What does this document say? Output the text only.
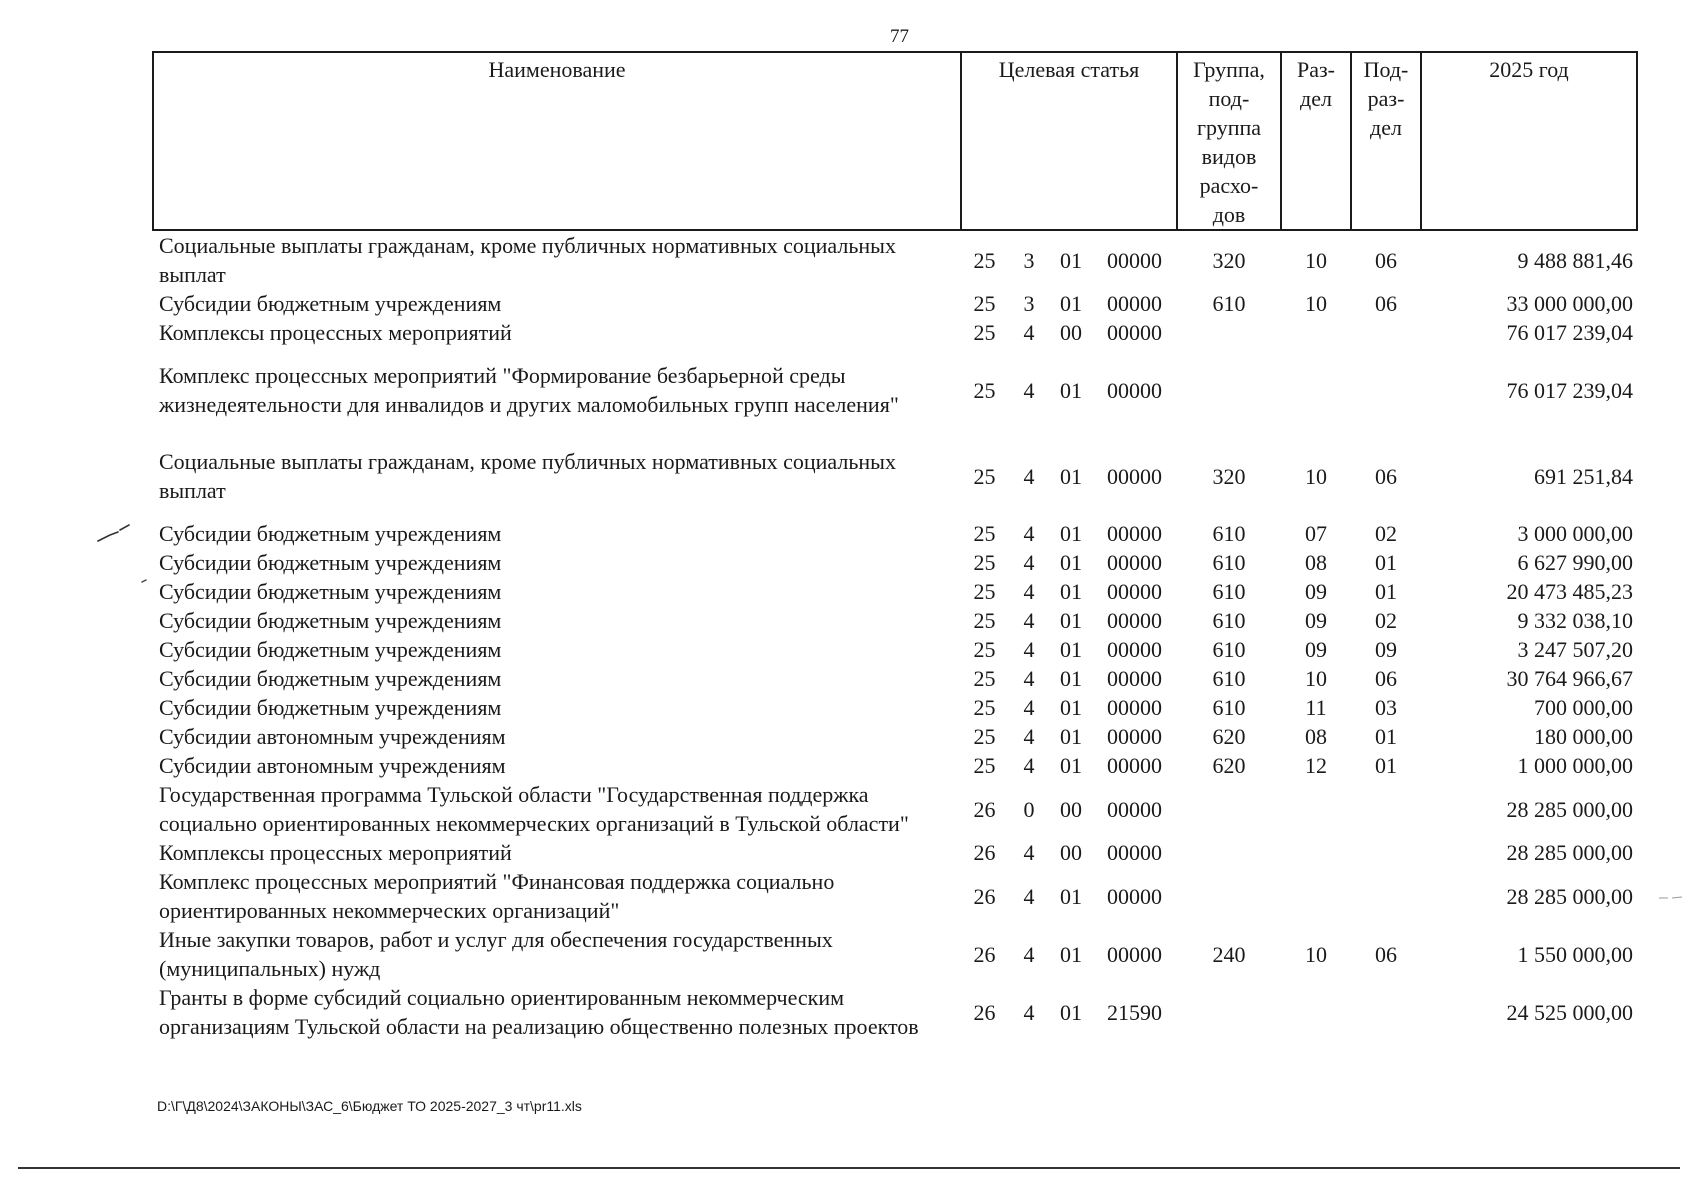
77
Наименование	Целевая статья				Группа, под- группа видов расхо- дов	Раз- дел	Под- раз- дел	2025 год
Социальные выплаты гражданам, кроме публичных нормативных социальных выплат	25	3	01	00000	320	10	06	9 488 881,46
Субсидии бюджетным учреждениям	25	3	01	00000	610	10	06	33 000 000,00
Комплексы процессных мероприятий	25	4	00	00000				76 017 239,04
Комплекс процессных мероприятий "Формирование безбарьерной среды жизнедеятельности для инвалидов и других маломобильных групп населения"	25	4	01	00000				76 017 239,04
Социальные выплаты гражданам, кроме публичных нормативных социальных выплат	25	4	01	00000	320	10	06	691 251,84
Субсидии бюджетным учреждениям	25	4	01	00000	610	07	02	3 000 000,00
Субсидии бюджетным учреждениям	25	4	01	00000	610	08	01	6 627 990,00
Субсидии бюджетным учреждениям	25	4	01	00000	610	09	01	20 473 485,23
Субсидии бюджетным учреждениям	25	4	01	00000	610	09	02	9 332 038,10
Субсидии бюджетным учреждениям	25	4	01	00000	610	09	09	3 247 507,20
Субсидии бюджетным учреждениям	25	4	01	00000	610	10	06	30 764 966,67
Субсидии бюджетным учреждениям	25	4	01	00000	610	11	03	700 000,00
Субсидии автономным учреждениям	25	4	01	00000	620	08	01	180 000,00
Субсидии автономным учреждениям	25	4	01	00000	620	12	01	1 000 000,00
Государственная программа Тульской области "Государственная поддержка социально ориентированных некоммерческих организаций в Тульской области"	26	0	00	00000				28 285 000,00
Комплексы процессных мероприятий	26	4	00	00000				28 285 000,00
Комплекс процессных мероприятий "Финансовая поддержка социально ориентированных некоммерческих организаций"	26	4	01	00000				28 285 000,00
Иные закупки товаров, работ и услуг для обеспечения государственных (муниципальных) нужд	26	4	01	00000	240	10	06	1 550 000,00
Гранты в форме субсидий социально ориентированным некоммерческим организациям Тульской области на реализацию общественно полезных проектов	26	4	01	21590				24 525 000,00
D:\Г\Д8\2024\ЗАКОНЫ\ЗАС_6\Бюджет ТО 2025-2027_3 чт\pr11.xls
